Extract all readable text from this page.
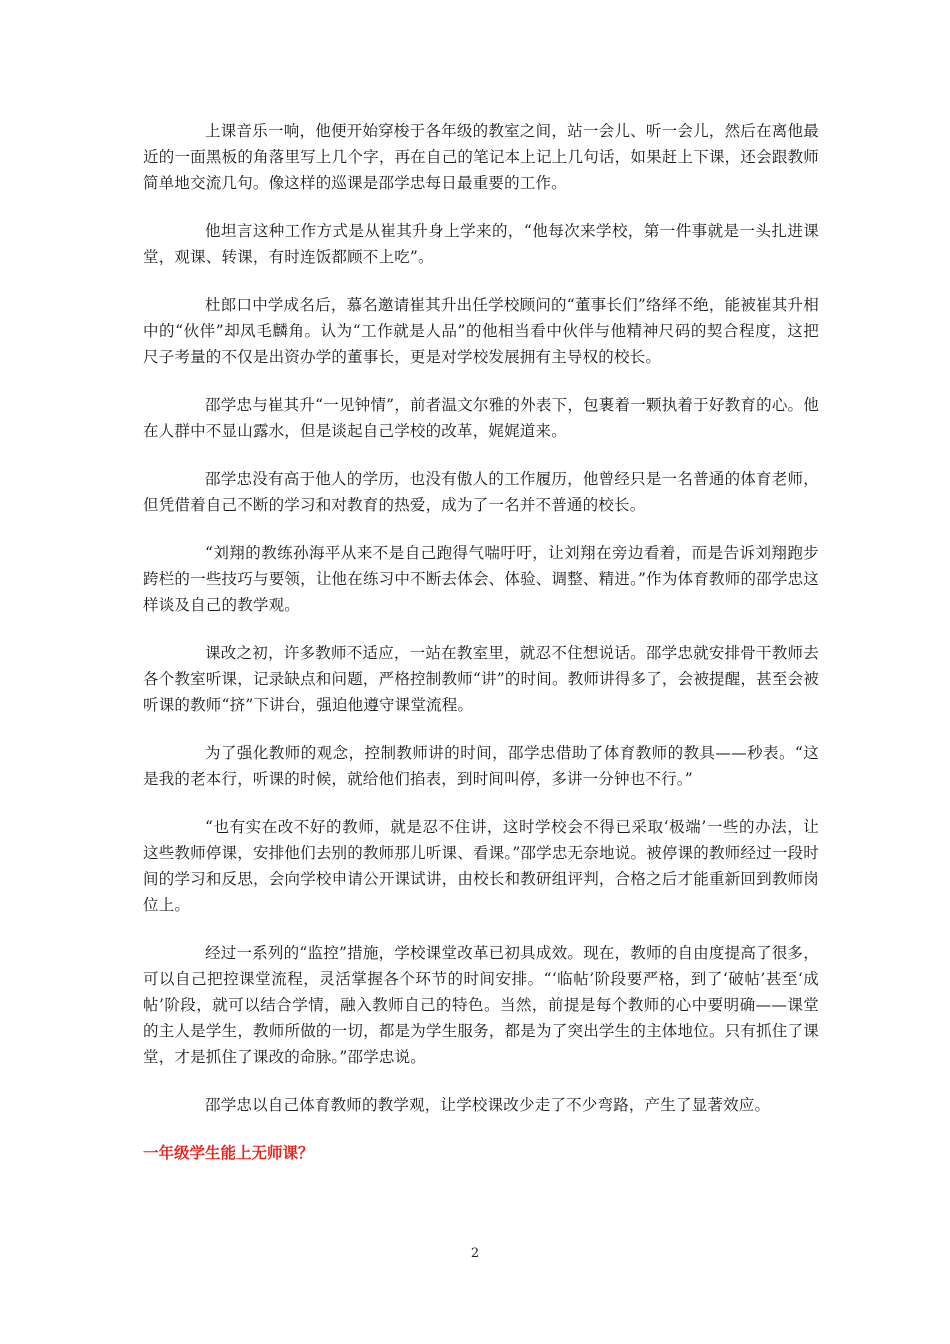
上课音乐一响，他便开始穿梭于各年级的教室之间，站一会儿、听一会儿，然后在离他最近的一面黑板的角落里写上几个字，再在自己的笔记本上记上几句话，如果赶上下课，还会跟教师简单地交流几句。像这样的巡课是邵学忠每日最重要的工作。

他坦言这种工作方式是从崔其升身上学来的，“他每次来学校，第一件事就是一头扎进课堂，观课、转课，有时连饭都顾不上吃”。

杜郎口中学成名后，慕名邀请崔其升出任学校顾问的“董事长们”络绎不绝，能被崔其升相中的“伙伴”却凤毛麟角。认为“工作就是人品”的他相当看中伙伴与他精神尺码的契合程度，这把尺子考量的不仅是出资办学的董事长，更是对学校发展拥有主导权的校长。

邵学忠与崔其升“一见钟情”，前者温文尔雅的外表下，包裹着一颗执着于好教育的心。他在人群中不显山露水，但是谈起自己学校的改革，娓娓道来。

邵学忠没有高于他人的学历，也没有傲人的工作履历，他曾经只是一名普通的体育老师，但凭借着自己不断的学习和对教育的热爱，成为了一名并不普通的校长。

“刘翔的教练孙海平从来不是自己跑得气喘吁吁，让刘翔在旁边看着，而是告诉刘翔跑步跨栏的一些技巧与要领，让他在练习中不断去体会、体验、调整、精进。”作为体育教师的邵学忠这样谈及自己的教学观。

课改之初，许多教师不适应，一站在教室里，就忍不住想说话。邵学忠就安排骨干教师去各个教室听课，记录缺点和问题，严格控制教师“讲”的时间。教师讲得多了，会被提醒，甚至会被听课的教师“挤”下讲台，强迫他遵守课堂流程。

为了强化教师的观念，控制教师讲的时间，邵学忠借助了体育教师的教具——秒表。“这是我的老本行，听课的时候，就给他们掐表，到时间叫停，多讲一分钟也不行。”

“也有实在改不好的教师，就是忍不住讲，这时学校会不得已采取‘极端’一些的办法，让这些教师停课，安排他们去别的教师那儿听课、看课。”邵学忠无奈地说。被停课的教师经过一段时间的学习和反思，会向学校申请公开课试讲，由校长和教研组评判，合格之后才能重新回到教师岗位上。

经过一系列的“监控”措施，学校课堂改革已初具成效。现在，教师的自由度提高了很多，可以自己把控课堂流程，灵活掌握各个环节的时间安排。“‘临帖’阶段要严格，到了‘破帖’甚至‘成帖’阶段，就可以结合学情，融入教师自己的特色。当然，前提是每个教师的心中要明确——课堂的主人是学生，教师所做的一切，都是为学生服务，都是为了突出学生的主体地位。只有抓住了课堂，才是抓住了课改的命脉。”邵学忠说。

邵学忠以自己体育教师的教学观，让学校课改少走了不少弯路，产生了显著效应。

一年级学生能上无师课？

2
